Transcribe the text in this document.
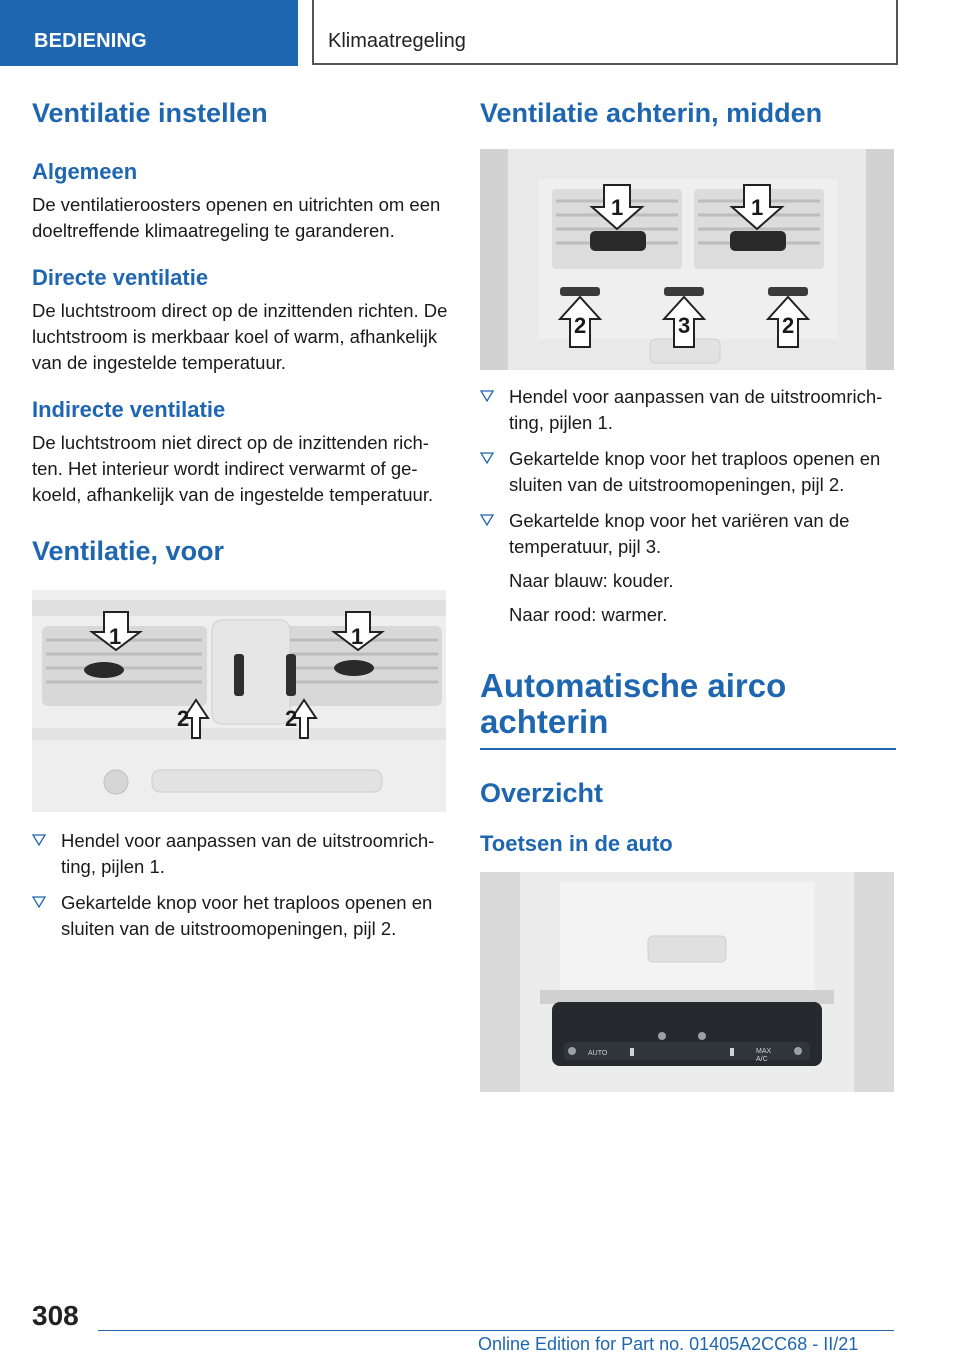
BEDIENING	Klimaatregeling
Ventilatie instellen
Algemeen

De ventilatieroosters openen en uitrichten om een doeltreffende klimaatregeling te garanderen.

Directe ventilatie

De luchtstroom direct op de inzittenden richten. De luchtstroom is merkbaar koel of warm, afhankelijk van de ingestelde temperatuur.

Indirecte ventilatie

De luchtstroom niet direct op de inzittenden richten. Het interieur wordt indirect verwarmt of gekoeld, afhankelijk van de ingestelde temperatuur.

Ventilatie, voor
1	1
2	2
Hendel voor aanpassen van de uitstroomrichting, pijlen 1.
Gekartelde knop voor het traploos openen en sluiten van de uitstroomopeningen, pijl 2.
Ventilatie achterin, midden
1	1
2	3	2
Hendel voor aanpassen van de uitstroomrichting, pijlen 1.
Gekartelde knop voor het traploos openen en sluiten van de uitstroomopeningen, pijl 2.
Gekartelde knop voor het variëren van de temperatuur, pijl 3.

Naar blauw: kouder.

Naar rood: warmer.

Automatische airco achterin
Overzicht
Toetsen in de auto
AUTO	MAX A/C
308
Online Edition for Part no. 01405A2CC68 - II/21
